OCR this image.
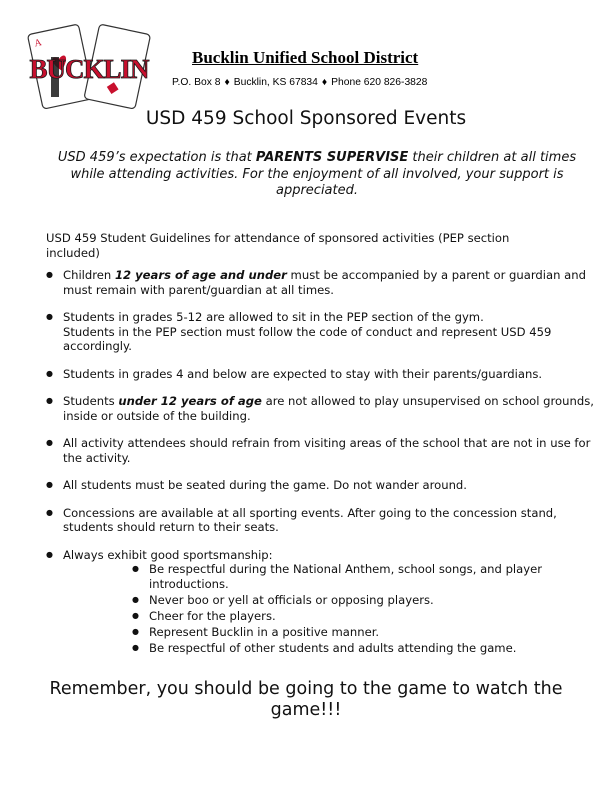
A
BUCKLIN	Bucklin Unified School District
P.O. Box 8 ♦ Bucklin, KS 67834 ♦ Phone 620 826-3828
USD 459 School Sponsored Events
USD 459’s expectation is that PARENTS SUPERVISE their children at all times while attending activities. For the enjoyment of all involved, your support is appreciated.
USD 459 Student Guidelines for attendance of sponsored activities (PEP section included)
● Children 12 years of age and under must be accompanied by a parent or guardian and must remain with parent/guardian at all times.
● Students in grades 5-12 are allowed to sit in the PEP section of the gym.
Students in the PEP section must follow the code of conduct and represent USD 459 accordingly.
● Students in grades 4 and below are expected to stay with their parents/guardians.
● Students under 12 years of age are not allowed to play unsupervised on school grounds, inside or outside of the building.
● All activity attendees should refrain from visiting areas of the school that are not in use for the activity.
● All students must be seated during the game. Do not wander around.
● Concessions are available at all sporting events. After going to the concession stand, students should return to their seats.
● Always exhibit good sportsmanship:
● Be respectful during the National Anthem, school songs, and player introductions.
● Never boo or yell at officials or opposing players.
● Cheer for the players.
● Represent Bucklin in a positive manner.
● Be respectful of other students and adults attending the game.
Remember, you should be going to the game to watch the game!!!
